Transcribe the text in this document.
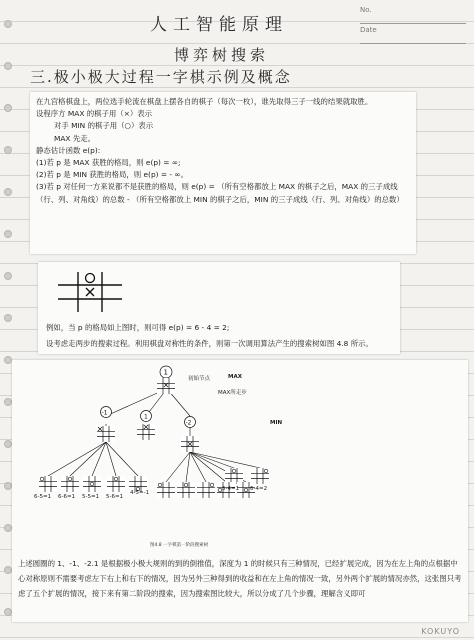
No.
Date
人工智能原理
博弈树搜索
三.极小极大过程一字棋示例及概念
在九宫格棋盘上，两位选手轮流在棋盘上摆各自的棋子（每次一枚），谁先取得三子一线的结果就取胜。
设程序方 MAX 的棋子用（×）表示
对手 MIN 的棋子用（○）表示
MAX 先走。
静态估计函数 e(p):
(1)若 p 是 MAX 获胜的格局，则 e(p) = ∞;
(2)若 p 是 MIN 获胜的格局，则 e(p) = - ∞。
(3)若 p 对任何一方来说都不是获胜的格局，则 e(p) = （所有空格都放上 MAX 的棋子之后，MAX 的三子成线（行、列、对角线）的总数 - （所有空格都放上 MIN 的棋子之后，MIN 的三子成线（行、列、对角线）的总数）
例如，当 p 的格局如上图时，则可得 e(p) = 6 - 4 = 2;
设考虑走两步的搜索过程。利用棋盘对称性的条件，则第一次调用算法产生的搜索树如图 4.8 所示。
1
-1
1
-2
初始节点	MAX
MAX所走步
MIN
6-5=1 6-6=1 5-5=1 5-6=1
4-5=-1
5-4=1 6-4=2
图4.8 一字棋第一阶段搜索树
上述圆圈的 1、-1、-2.1 是根据极小极大规则的到的倒推值，深度为 1 的时候只有三种情况，已经扩展完成，因为在左上角的点根据中心对称原则不需要考虑左下右上和右下的情况，因为另外三种得到的收益和在左上角的情况一致，另外两个扩展的情况亦然，这张图只考虑了五个扩展的情况，接下来有第二阶段的搜索，因为搜索图比较大，所以分成了几个步骤，理解含义即可
KOKUYO
